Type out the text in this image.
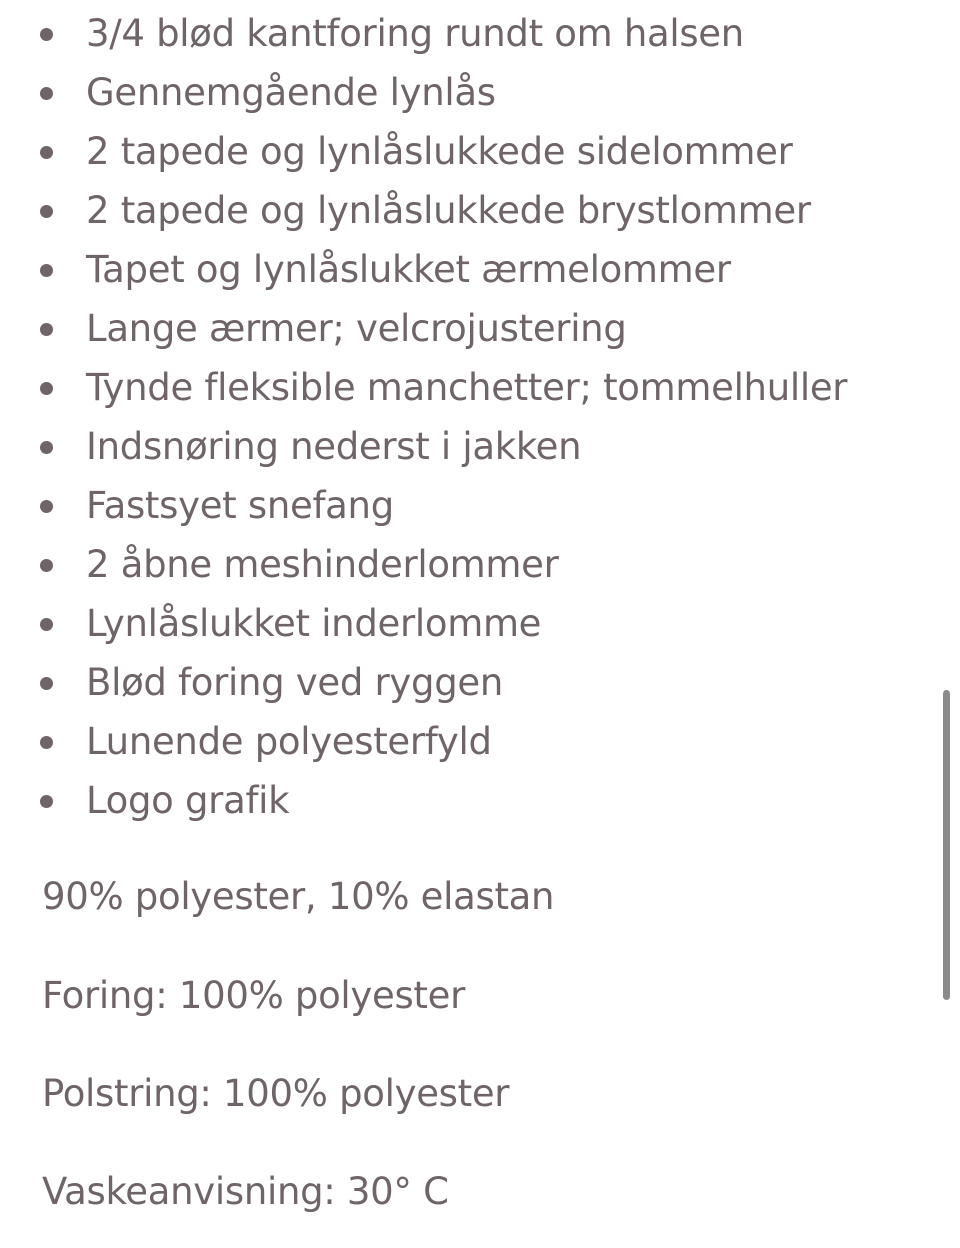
3/4 blød kantforing rundt om halsen
Gennemgående lynlås
2 tapede og lynlåslukkede sidelommer
2 tapede og lynlåslukkede brystlommer
Tapet og lynlåslukket ærmelommer
Lange ærmer; velcrojustering
Tynde fleksible manchetter; tommelhuller
Indsnøring nederst i jakken
Fastsyet snefang
2 åbne meshinderlommer
Lynlåslukket inderlomme
Blød foring ved ryggen
Lunende polyesterfyld
Logo grafik

90% polyester, 10% elastan

Foring: 100% polyester

Polstring: 100% polyester

Vaskeanvisning: 30° C
